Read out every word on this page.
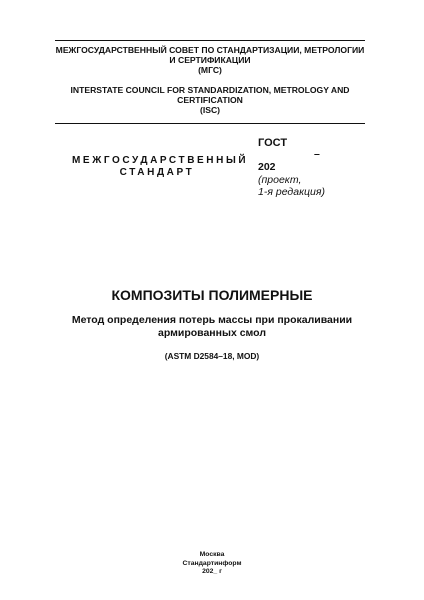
МЕЖГОСУДАРСТВЕННЫЙ СОВЕТ ПО СТАНДАРТИЗАЦИИ, МЕТРОЛОГИИ
И СЕРТИФИКАЦИИ
(МГС)
INTERSTATE COUNCIL FOR STANDARDIZATION, METROLOGY AND
CERTIFICATION
(ISC)
МЕЖГОСУДАРСТВЕННЫЙ
СТАНДАРТ
ГОСТ
–
202
(проект,
1-я редакция)
КОМПОЗИТЫ ПОЛИМЕРНЫЕ
Метод определения потерь массы при прокаливании
армированных смол
(ASTM D2584–18, MOD)
Москва
Стандартинформ
202_ г
